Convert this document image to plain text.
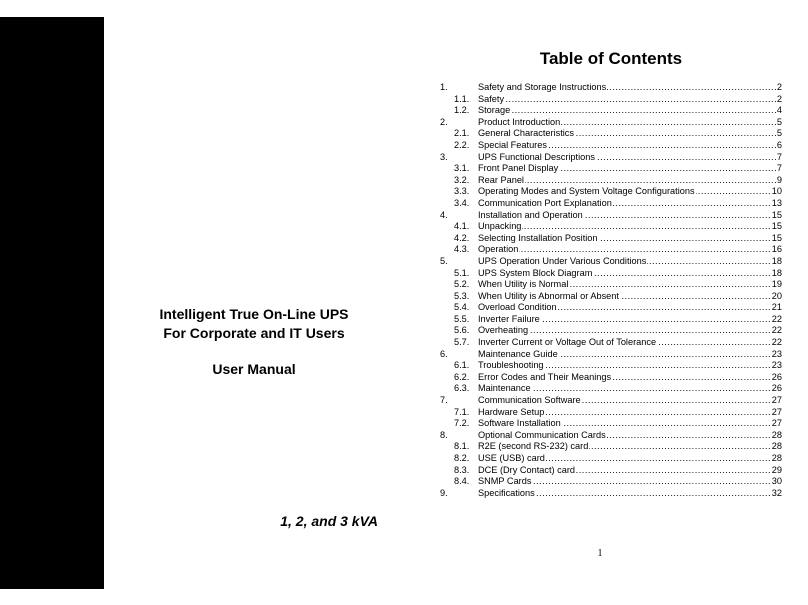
Intelligent True On-Line UPS
For Corporate and IT Users
User Manual
1, 2, and 3 kVA
Table of Contents
1.	Safety and Storage Instructions .....	2
1.1. Safety .....	2
1.2. Storage .....	4
2.	Product Introduction .....	5
2.1. General Characteristics .....	5
2.2. Special Features .....	6
3.	UPS Functional Descriptions .....	7
3.1. Front Panel Display .....	7
3.2. Rear Panel .....	9
3.3. Operating Modes and System Voltage Configurations .....	10
3.4. Communication Port Explanation .....	13
4.	Installation and Operation .....	15
4.1. Unpacking .....	15
4.2. Selecting Installation Position .....	15
4.3. Operation .....	16
5.	UPS Operation Under Various Conditions .....	18
5.1. UPS System Block Diagram .....	18
5.2. When Utility is Normal .....	19
5.3. When Utility is Abnormal or Absent .....	20
5.4. Overload Condition .....	21
5.5. Inverter Failure .....	22
5.6. Overheating .....	22
5.7. Inverter Current or Voltage Out of Tolerance .....	22
6.	Maintenance Guide .....	23
6.1. Troubleshooting .....	23
6.2. Error Codes and Their Meanings .....	26
6.3. Maintenance .....	26
7.	Communication Software .....	27
7.1. Hardware Setup .....	27
7.2. Software Installation .....	27
8.	Optional Communication Cards .....	28
8.1. R2E (second RS-232) card .....	28
8.2. USE (USB) card .....	28
8.3. DCE (Dry Contact) card .....	29
8.4. SNMP Cards .....	30
9.	Specifications .....	32
1
